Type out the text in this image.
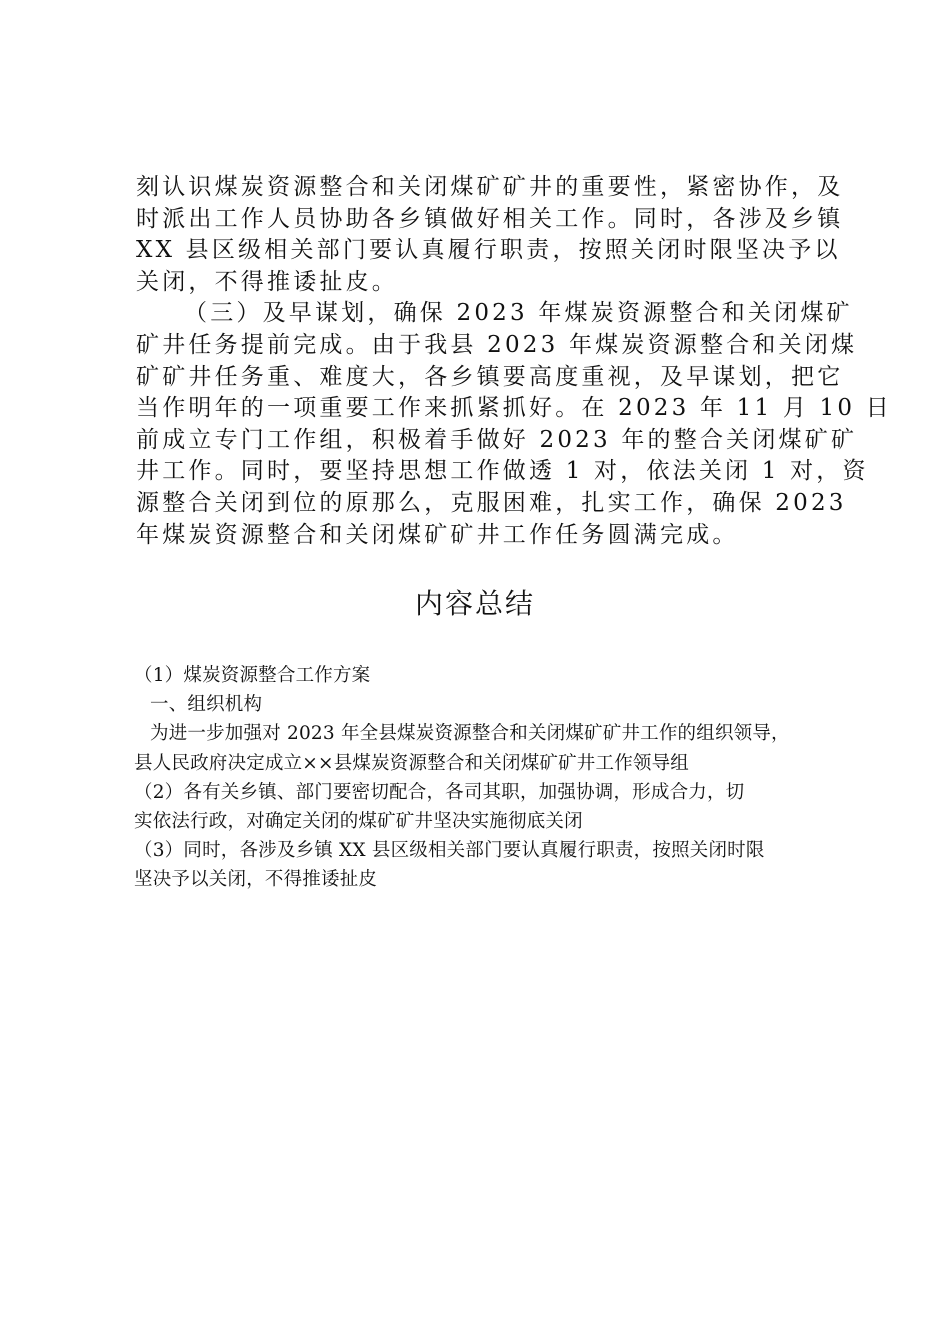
刻认识煤炭资源整合和关闭煤矿矿井的重要性，紧密协作，及
时派出工作人员协助各乡镇做好相关工作。同时，各涉及乡镇
XX 县区级相关部门要认真履行职责，按照关闭时限坚决予以
关闭，不得推诿扯皮。
（三）及早谋划，确保 2023 年煤炭资源整合和关闭煤矿
矿井任务提前完成。由于我县 2023 年煤炭资源整合和关闭煤
矿矿井任务重、难度大，各乡镇要高度重视，及早谋划，把它
当作明年的一项重要工作来抓紧抓好。在 2023 年 11 月 10 日
前成立专门工作组，积极着手做好 2023 年的整合关闭煤矿矿
井工作。同时，要坚持思想工作做透 1 对，依法关闭 1 对，资
源整合关闭到位的原那么，克服困难，扎实工作，确保 2023
年煤炭资源整合和关闭煤矿矿井工作任务圆满完成。
内容总结
（1）煤炭资源整合工作方案
一、组织机构
为进一步加强对 2023 年全县煤炭资源整合和关闭煤矿矿井工作的组织领导，
县人民政府决定成立××县煤炭资源整合和关闭煤矿矿井工作领导组
（2）各有关乡镇、部门要密切配合，各司其职，加强协调，形成合力，切
实依法行政，对确定关闭的煤矿矿井坚决实施彻底关闭
（3）同时，各涉及乡镇 XX 县区级相关部门要认真履行职责，按照关闭时限
坚决予以关闭，不得推诿扯皮
